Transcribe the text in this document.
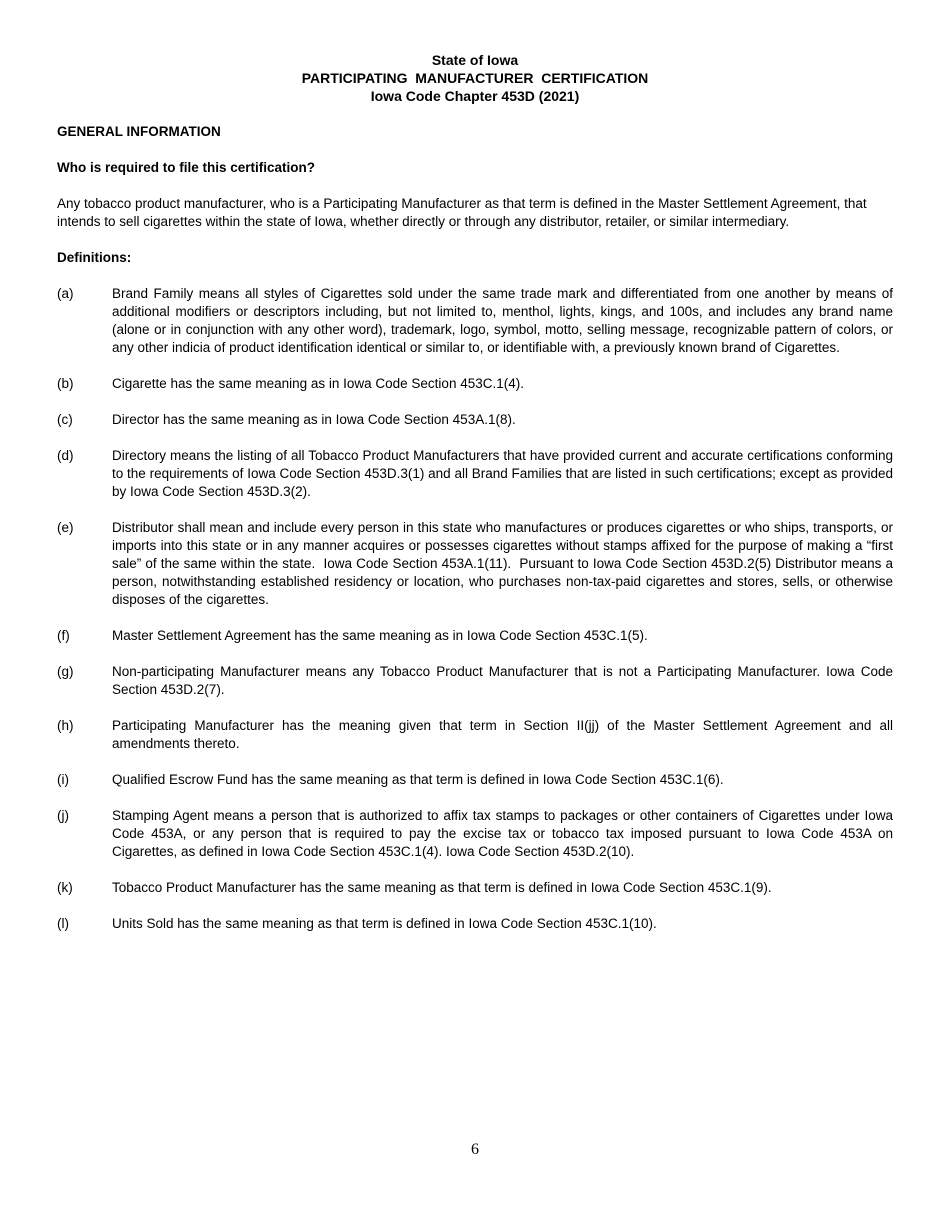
State of Iowa
PARTICIPATING  MANUFACTURER  CERTIFICATION
Iowa Code Chapter 453D (2021)
GENERAL INFORMATION
Who is required to file this certification?
Any tobacco product manufacturer, who is a Participating Manufacturer as that term is defined in the Master Settlement Agreement, that intends to sell cigarettes within the state of Iowa, whether directly or through any distributor, retailer, or similar intermediary.
Definitions:
(a)	Brand Family means all styles of Cigarettes sold under the same trade mark and differentiated from one another by means of additional modifiers or descriptors including, but not limited to, menthol, lights, kings, and 100s, and includes any brand name (alone or in conjunction with any other word), trademark, logo, symbol, motto, selling message, recognizable pattern of colors, or any other indicia of product identification identical or similar to, or identifiable with, a previously known brand of Cigarettes.
(b)	Cigarette has the same meaning as in Iowa Code Section 453C.1(4).
(c)	Director has the same meaning as in Iowa Code Section 453A.1(8).
(d)	Directory means the listing of all Tobacco Product Manufacturers that have provided current and accurate certifications conforming to the requirements of Iowa Code Section 453D.3(1) and all Brand Families that are listed in such certifications; except as provided by Iowa Code Section 453D.3(2).
(e)	Distributor shall mean and include every person in this state who manufactures or produces cigarettes or who ships, transports, or imports into this state or in any manner acquires or possesses cigarettes without stamps affixed for the purpose of making a “first sale” of the same within the state.  Iowa Code Section 453A.1(11).  Pursuant to Iowa Code Section 453D.2(5) Distributor means a person, notwithstanding established residency or location, who purchases non-tax-paid cigarettes and stores, sells, or otherwise disposes of the cigarettes.
(f)	Master Settlement Agreement has the same meaning as in Iowa Code Section 453C.1(5).
(g)	Non-participating Manufacturer means any Tobacco Product Manufacturer that is not a Participating Manufacturer. Iowa Code Section 453D.2(7).
(h)	Participating Manufacturer has the meaning given that term in Section II(jj) of the Master Settlement Agreement and all amendments thereto.
(i)	Qualified Escrow Fund has the same meaning as that term is defined in Iowa Code Section 453C.1(6).
(j)	Stamping Agent means a person that is authorized to affix tax stamps to packages or other containers of Cigarettes under Iowa Code 453A, or any person that is required to pay the excise tax or tobacco tax imposed pursuant to Iowa Code 453A on Cigarettes, as defined in Iowa Code Section 453C.1(4). Iowa Code Section 453D.2(10).
(k)	Tobacco Product Manufacturer has the same meaning as that term is defined in Iowa Code Section 453C.1(9).
(l)	Units Sold has the same meaning as that term is defined in Iowa Code Section 453C.1(10).
6
